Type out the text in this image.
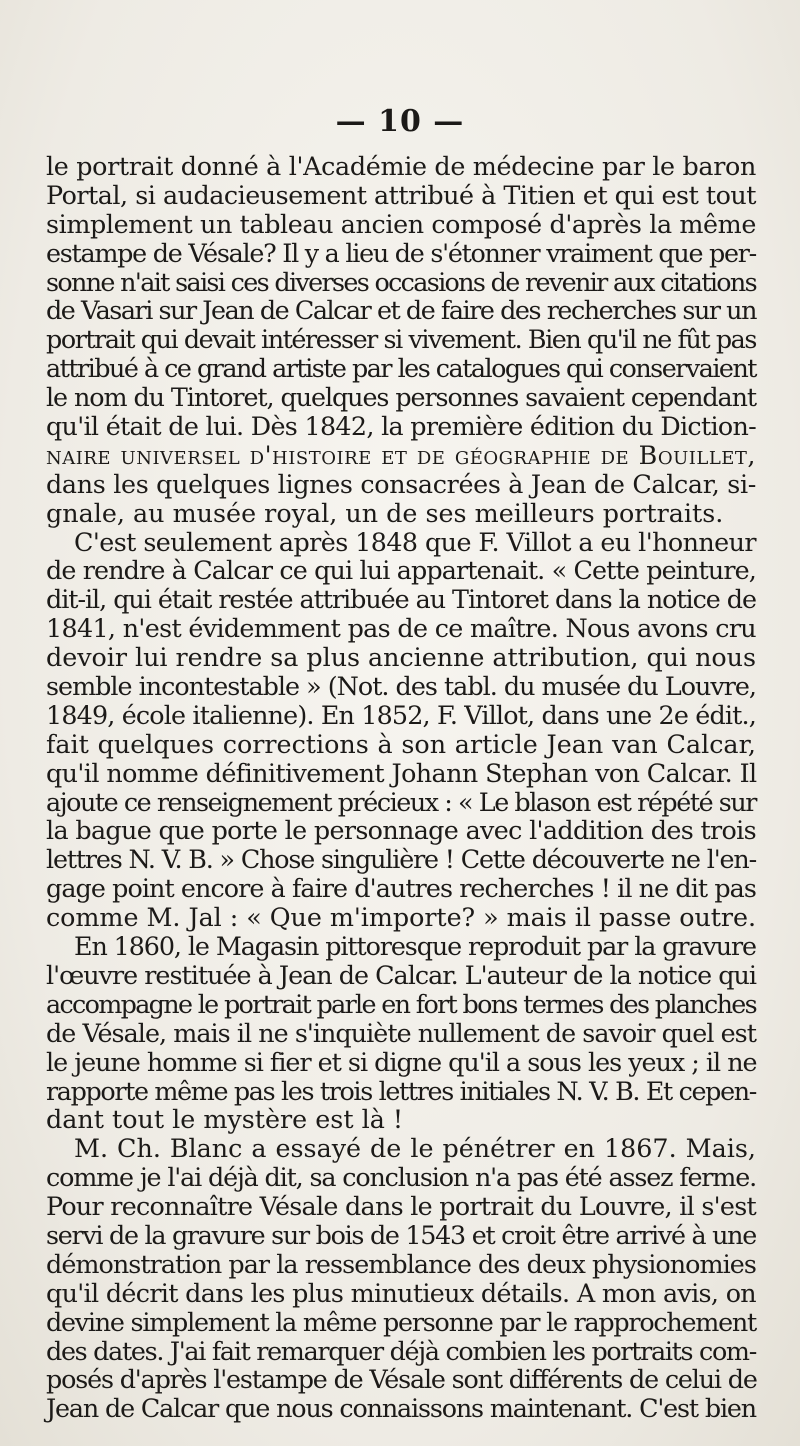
— 10 —
le portrait donné à l'Académie de médecine par le baron
Portal, si audacieusement attribué à Titien et qui est tout
simplement un tableau ancien composé d'après la même
estampe de Vésale? Il y a lieu de s'étonner vraiment que per-
sonne n'ait saisi ces diverses occasions de revenir aux citations
de Vasari sur Jean de Calcar et de faire des recherches sur un
portrait qui devait intéresser si vivement. Bien qu'il ne fût pas
attribué à ce grand artiste par les catalogues qui conservaient
le nom du Tintoret, quelques personnes savaient cependant
qu'il était de lui. Dès 1842, la première édition du Diction-
naire universel d'histoire et de géographie de Bouillet,
dans les quelques lignes consacrées à Jean de Calcar, si-
gnale, au musée royal, un de ses meilleurs portraits.
C'est seulement après 1848 que F. Villot a eu l'honneur
de rendre à Calcar ce qui lui appartenait. « Cette peinture,
dit-il, qui était restée attribuée au Tintoret dans la notice de
1841, n'est évidemment pas de ce maître. Nous avons cru
devoir lui rendre sa plus ancienne attribution, qui nous
semble incontestable » (Not. des tabl. du musée du Louvre,
1849, école italienne). En 1852, F. Villot, dans une 2e édit.,
fait quelques corrections à son article Jean van Calcar,
qu'il nomme définitivement Johann Stephan von Calcar. Il
ajoute ce renseignement précieux : « Le blason est répété sur
la bague que porte le personnage avec l'addition des trois
lettres N. V. B. » Chose singulière ! Cette découverte ne l'en-
gage point encore à faire d'autres recherches ! il ne dit pas
comme M. Jal : « Que m'importe? » mais il passe outre.
En 1860, le Magasin pittoresque reproduit par la gravure
l'œuvre restituée à Jean de Calcar. L'auteur de la notice qui
accompagne le portrait parle en fort bons termes des planches
de Vésale, mais il ne s'inquiète nullement de savoir quel est
le jeune homme si fier et si digne qu'il a sous les yeux ; il ne
rapporte même pas les trois lettres initiales N. V. B. Et cepen-
dant tout le mystère est là !
M. Ch. Blanc a essayé de le pénétrer en 1867. Mais,
comme je l'ai déjà dit, sa conclusion n'a pas été assez ferme.
Pour reconnaître Vésale dans le portrait du Louvre, il s'est
servi de la gravure sur bois de 1543 et croit être arrivé à une
démonstration par la ressemblance des deux physionomies
qu'il décrit dans les plus minutieux détails. A mon avis, on
devine simplement la même personne par le rapprochement
des dates. J'ai fait remarquer déjà combien les portraits com-
posés d'après l'estampe de Vésale sont différents de celui de
Jean de Calcar que nous connaissons maintenant. C'est bien
